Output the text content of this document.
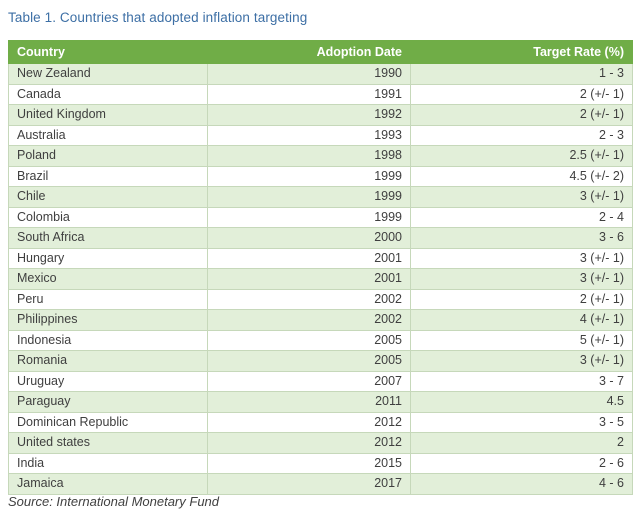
Table 1. Countries that adopted inflation targeting
Country	Adoption Date	Target Rate (%)
New Zealand	1990	1 - 3
Canada	1991	2 (+/- 1)
United Kingdom	1992	2 (+/- 1)
Australia	1993	2 - 3
Poland	1998	2.5 (+/- 1)
Brazil	1999	4.5 (+/- 2)
Chile	1999	3 (+/- 1)
Colombia	1999	2 - 4
South Africa	2000	3 - 6
Hungary	2001	3 (+/- 1)
Mexico	2001	3 (+/- 1)
Peru	2002	2 (+/- 1)
Philippines	2002	4 (+/- 1)
Indonesia	2005	5 (+/- 1)
Romania	2005	3 (+/- 1)
Uruguay	2007	3 - 7
Paraguay	2011	4.5
Dominican Republic	2012	3 - 5
United states	2012	2
India	2015	2 - 6
Jamaica	2017	4 - 6
Source: International Monetary Fund
